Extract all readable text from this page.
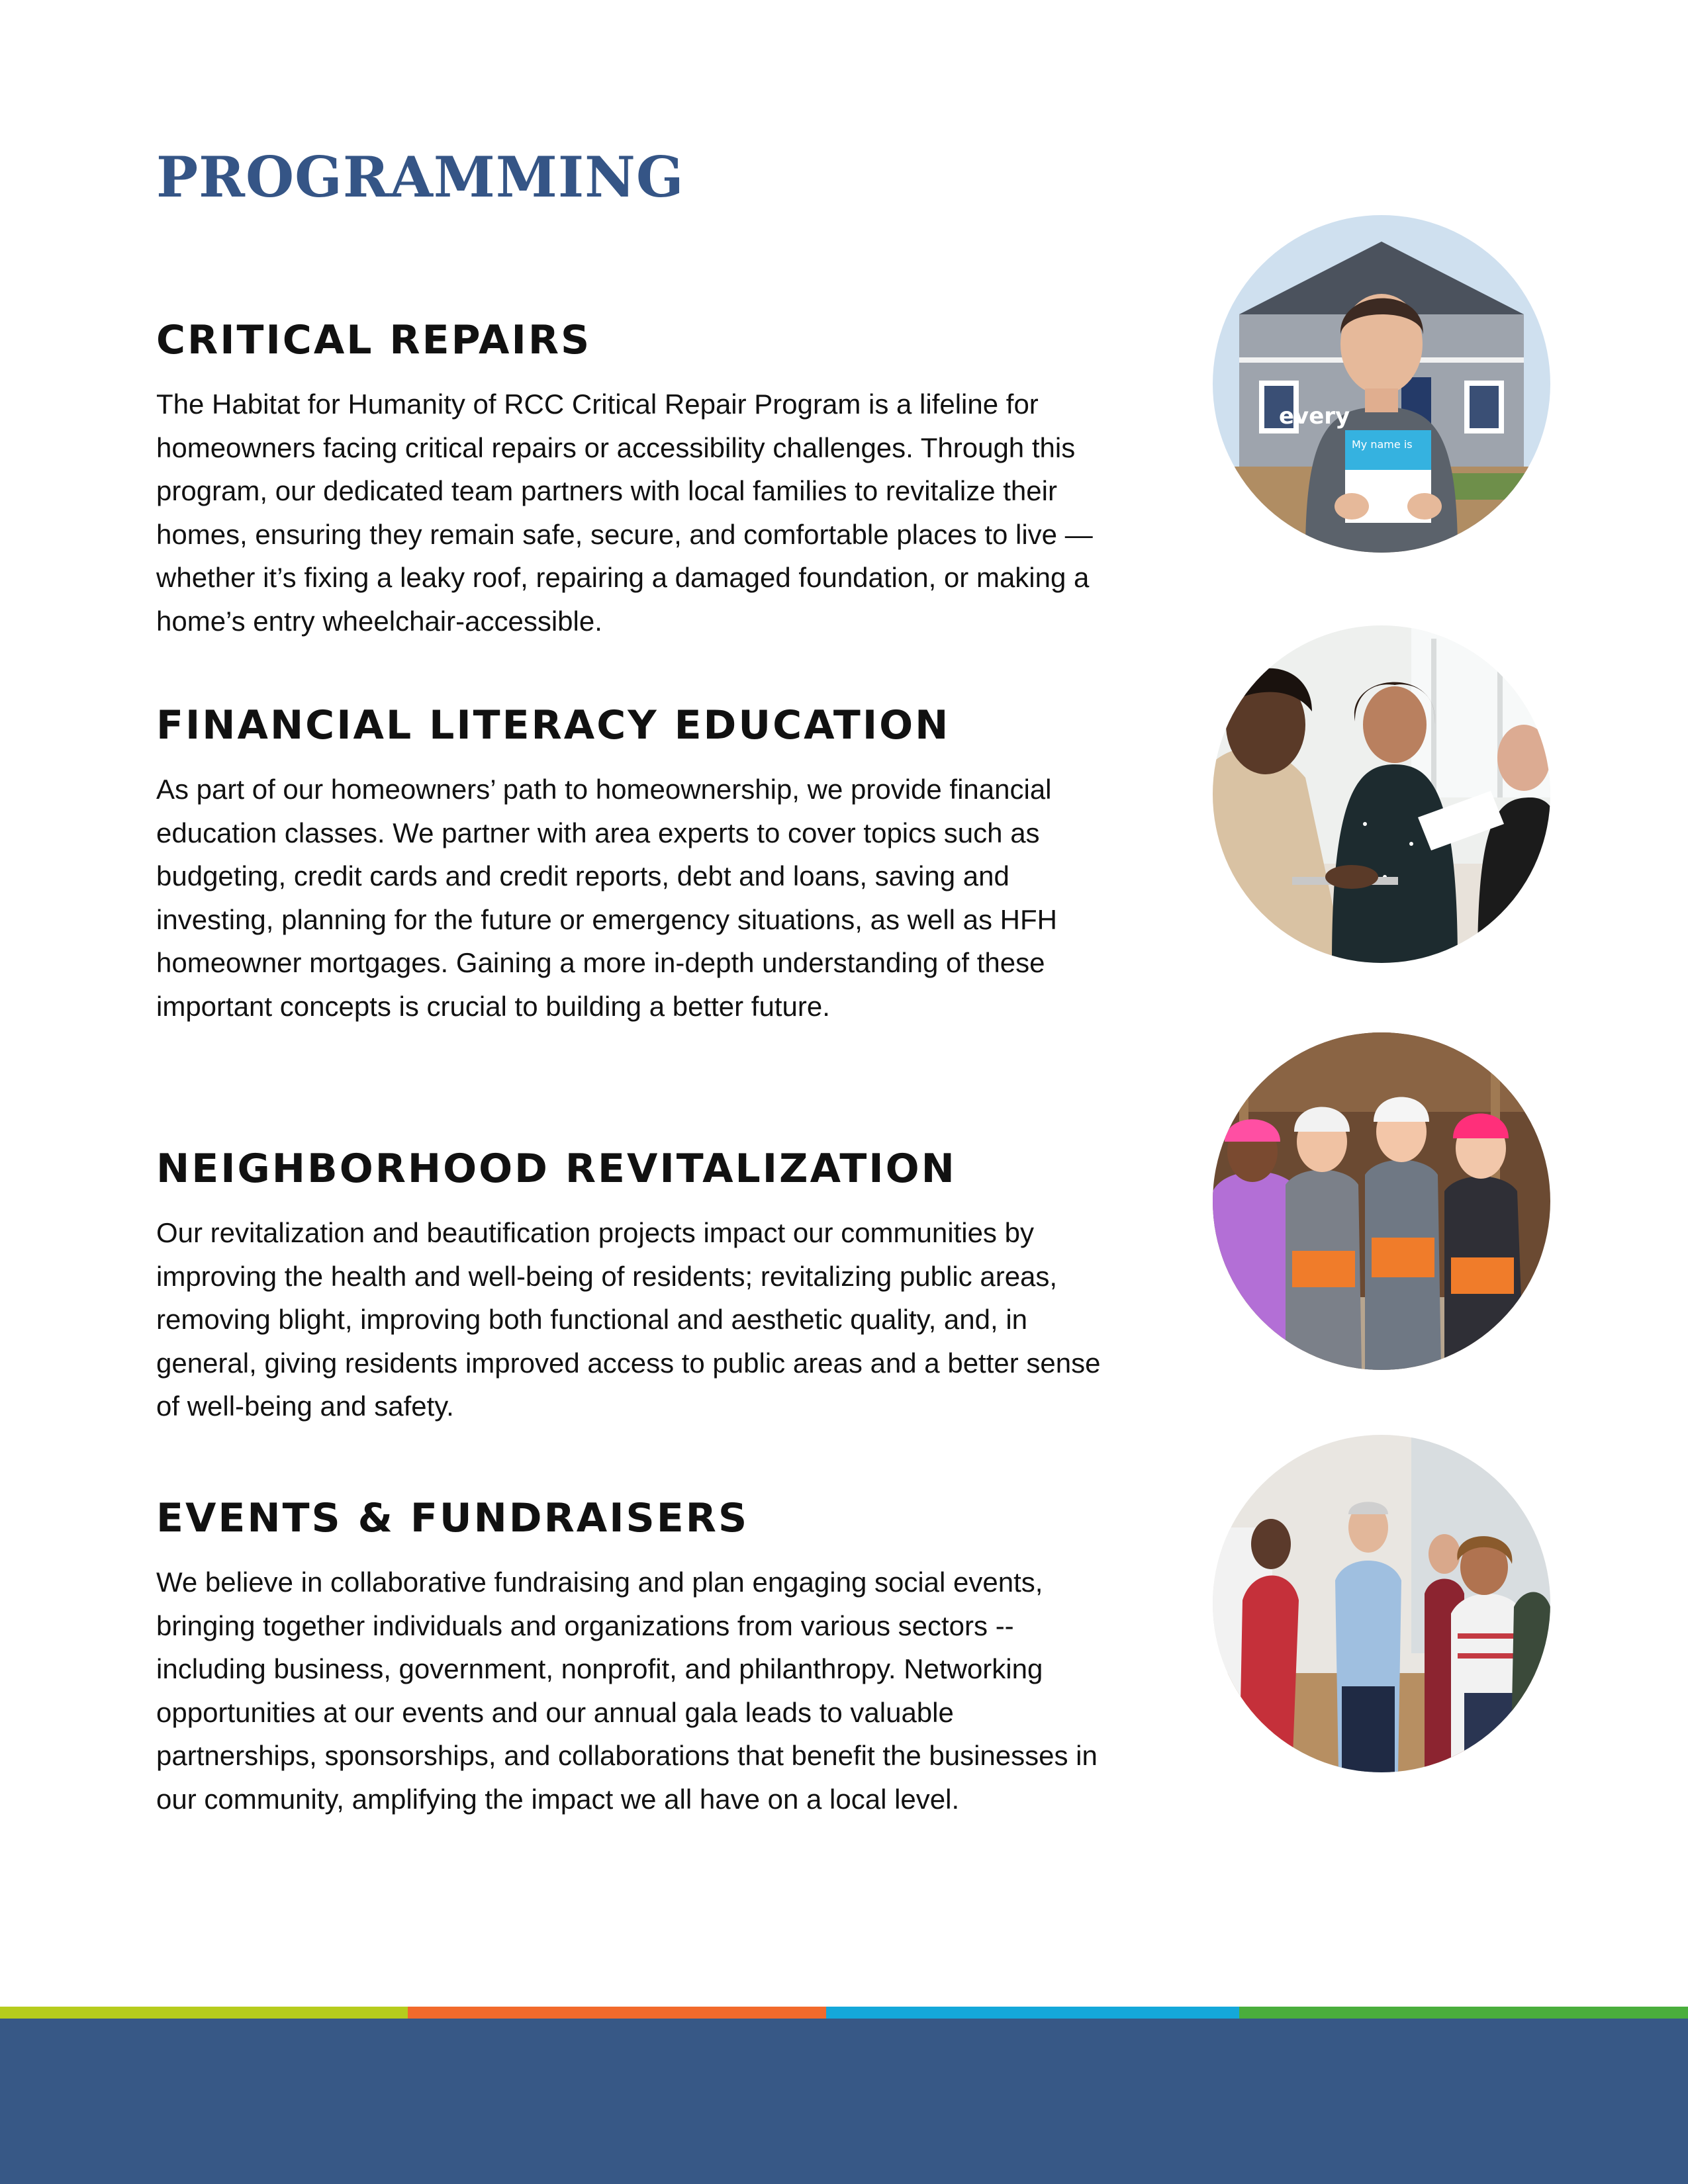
PROGRAMMING
CRITICAL REPAIRS

The Habitat for Humanity of RCC Critical Repair Program is a lifeline for homeowners facing critical repairs or accessibility challenges. Through this program, our dedicated team partners with local families to revitalize their homes, ensuring they remain safe, secure, and comfortable places to live — whether it’s fixing a leaky roof, repairing a damaged foundation, or making a home’s entry wheelchair-accessible.

FINANCIAL LITERACY EDUCATION

As part of our homeowners’ path to homeownership, we provide financial education classes. We partner with area experts to cover topics such as budgeting, credit cards and credit reports, debt and loans, saving and investing, planning for the future or emergency situations, as well as HFH homeowner mortgages. Gaining a more in-depth understanding of these important concepts is crucial to building a better future.

NEIGHBORHOOD REVITALIZATION

Our revitalization and beautification projects impact our communities by improving the health and well-being of residents; revitalizing public areas, removing blight, improving both functional and aesthetic quality, and, in general, giving residents improved access to public areas and a better sense of well-being and safety.

EVENTS & FUNDRAISERS

We believe in collaborative fundraising and plan engaging social events, bringing together individuals and organizations from various sectors -- including business, government, nonprofit, and philanthropy. Networking opportunities at our events and our annual gala leads to valuable partnerships, sponsorships, and collaborations that benefit the businesses in our community, amplifying the impact we all have on a local level.

My name is
every
